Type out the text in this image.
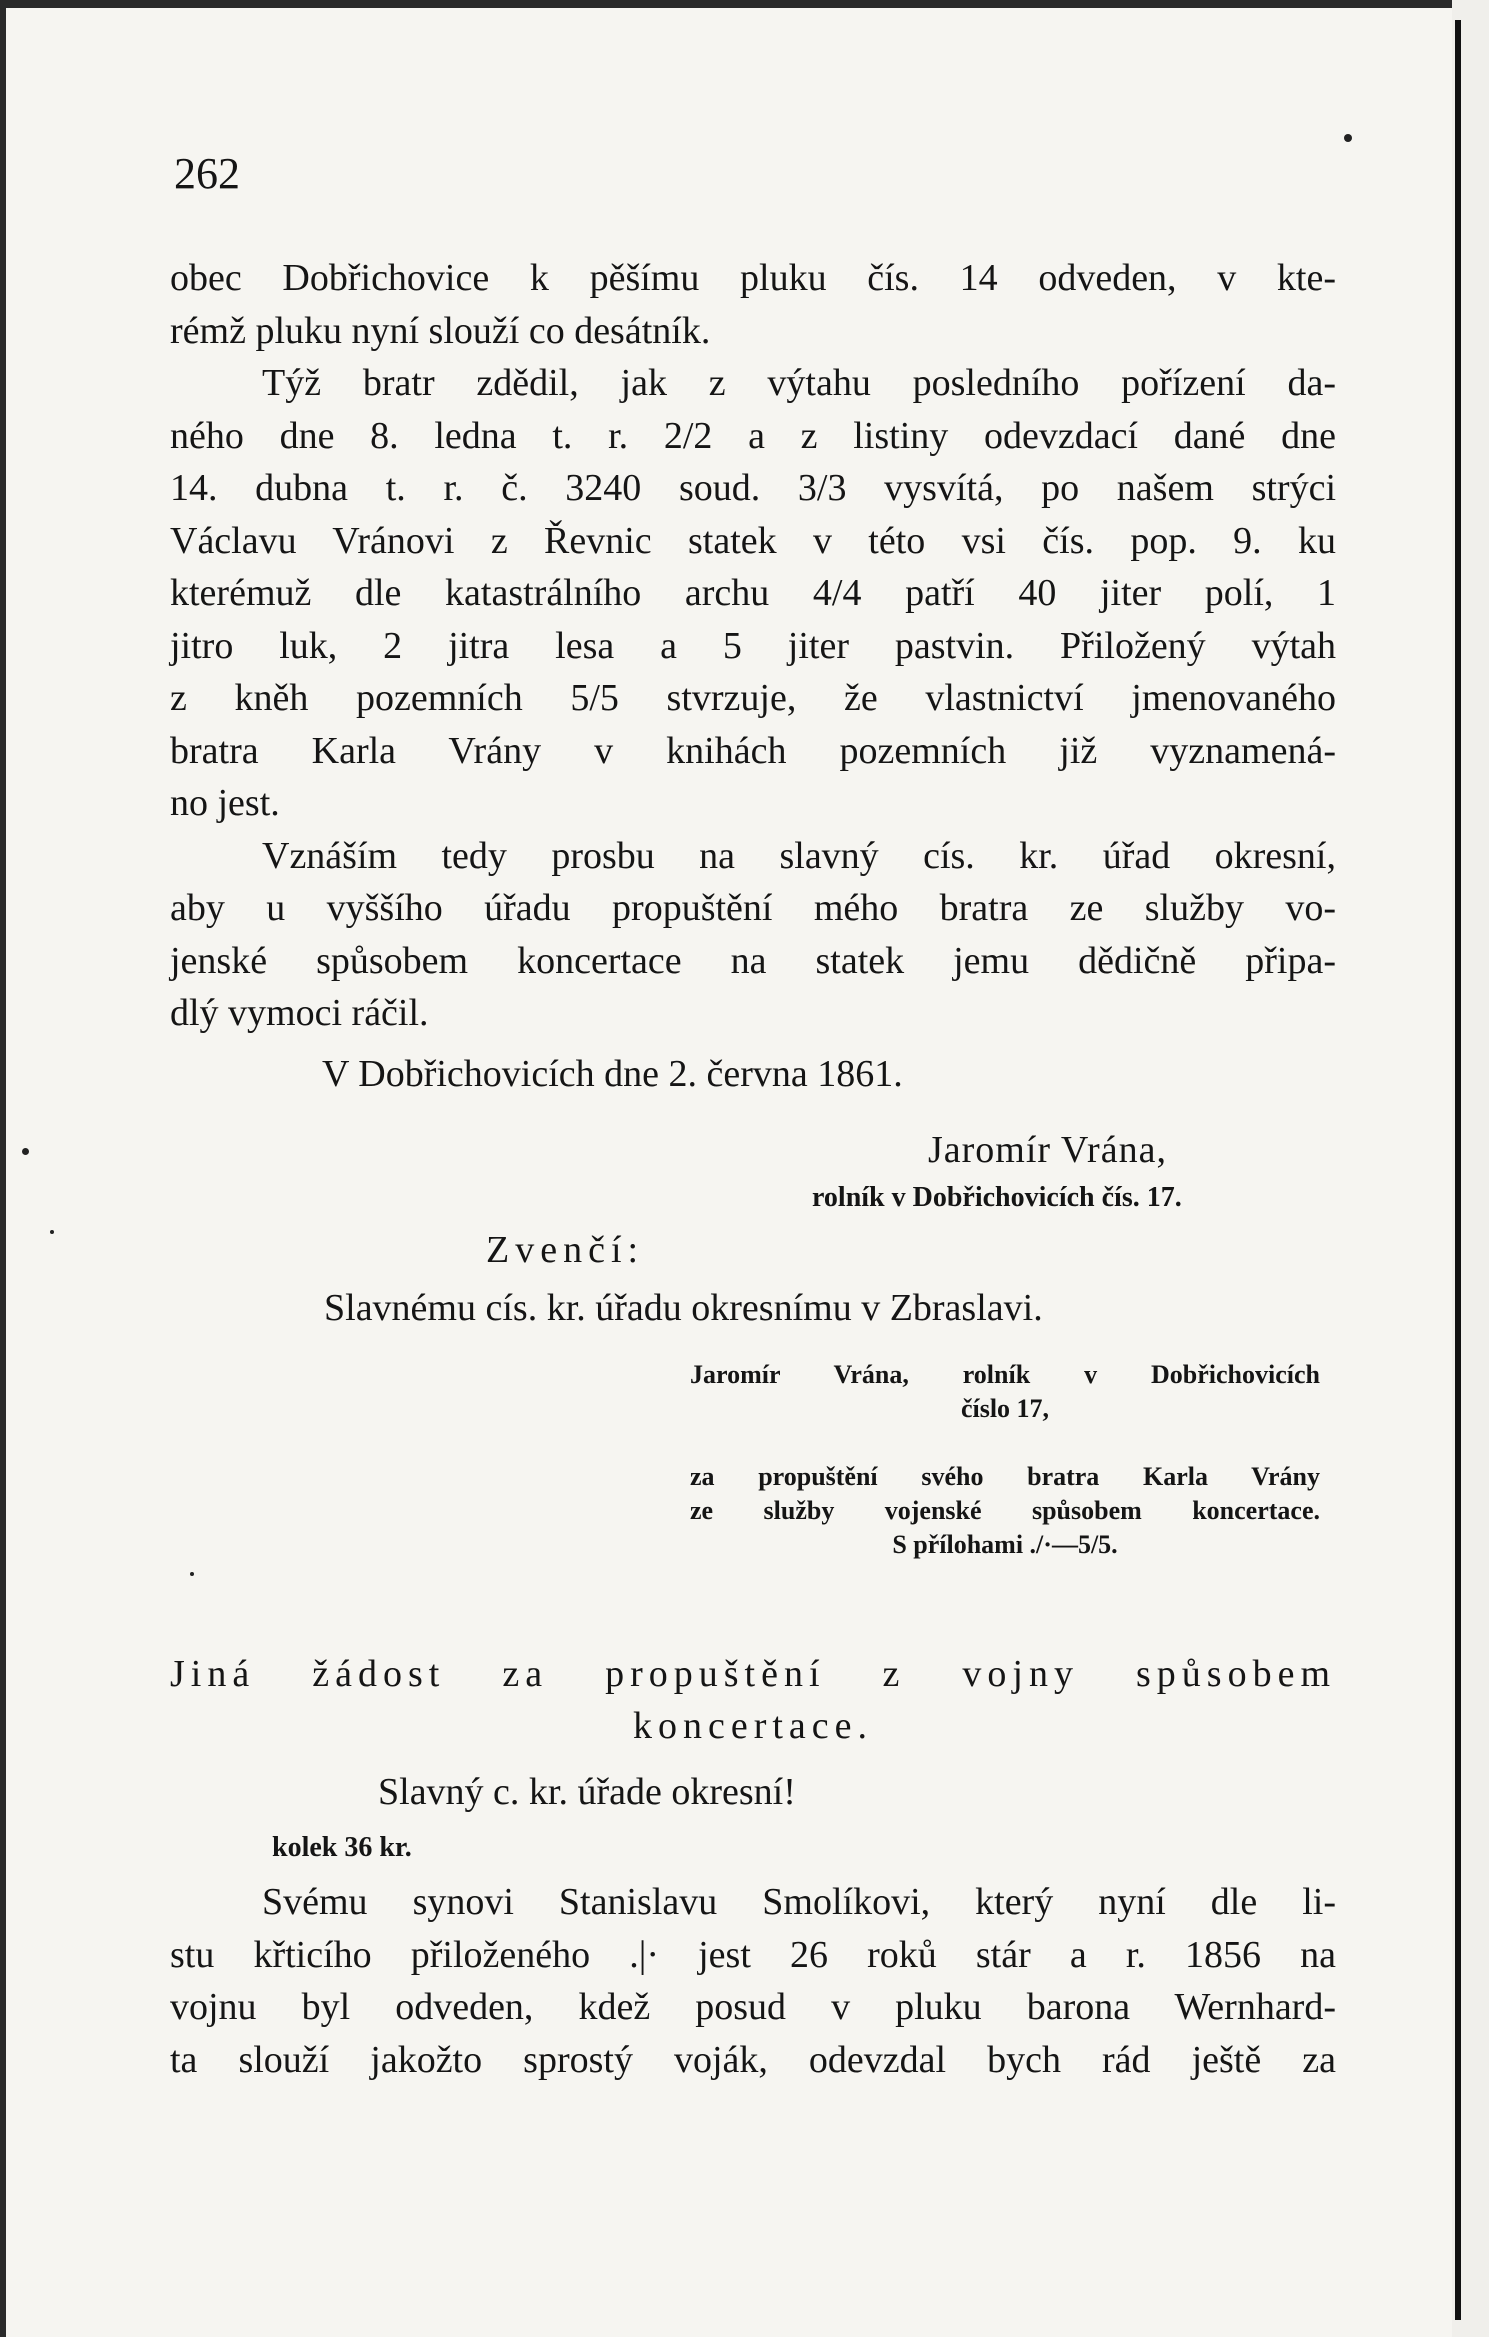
262
obec Dobřichovice k pěšímu pluku čís. 14 odveden, v kte-
rémž pluku nyní slouží co desátník.
Týž bratr zdědil, jak z výtahu posledního pořízení da-
ného dne 8. ledna t. r. 2/2 a z listiny odevzdací dané dne
14. dubna t. r. č. 3240 soud. 3/3 vysvítá, po našem strýci
Václavu Vránovi z Řevnic statek v této vsi čís. pop. 9. ku
kterémuž dle katastrálního archu 4/4 patří 40 jiter polí, 1
jitro luk, 2 jitra lesa a 5 jiter pastvin. Přiložený výtah
z kněh pozemních 5/5 stvrzuje, že vlastnictví jmenovaného
bratra Karla Vrány v knihách pozemních již vyznamená-
no jest.
Vznáším tedy prosbu na slavný cís. kr. úřad okresní,
aby u vyššího úřadu propuštění mého bratra ze služby vo-
jenské spůsobem koncertace na statek jemu dědičně připa-
dlý vymoci ráčil.
V Dobřichovicích dne 2. června 1861.
Jaromír Vrána,
rolník v Dobřichovicích čís. 17.
Zvenčí:
Slavnému cís. kr. úřadu okresnímu v Zbraslavi.
Jaromír Vrána, rolník v Dobřichovicích
číslo 17,
za propuštění svého bratra Karla Vrány
ze služby vojenské spůsobem koncertace.
S přílohami ./·—5/5.
Jiná žádost za propuštění z vojny spůsobem
koncertace.
Slavný c. kr. úřade okresní!
kolek 36 kr.
Svému synovi Stanislavu Smolíkovi, který nyní dle li-
stu křticího přiloženého .|· jest 26 roků stár a r. 1856 na
vojnu byl odveden, kdež posud v pluku barona Wernhard-
ta slouží jakožto sprostý voják, odevzdal bych rád ještě za
